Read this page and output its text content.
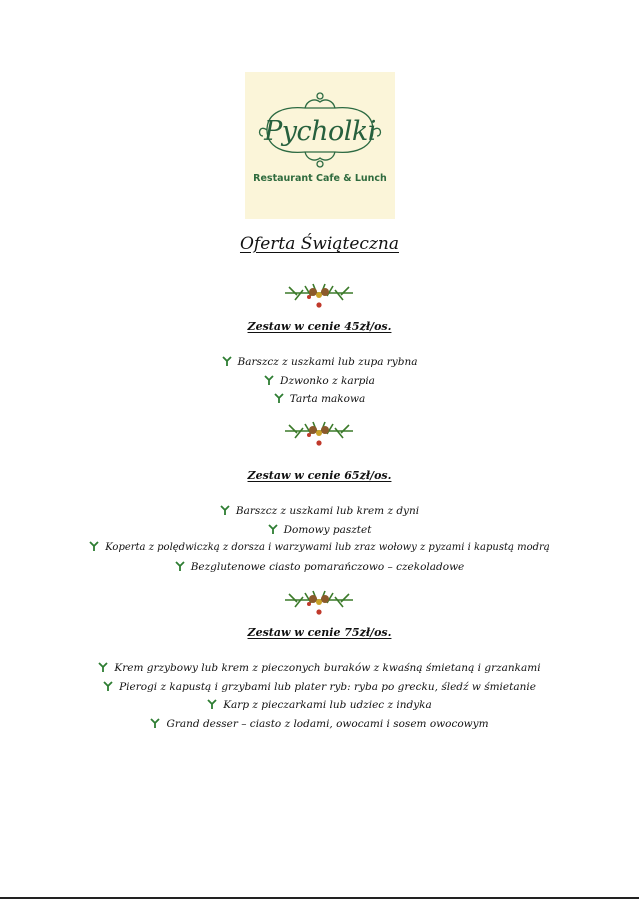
Pycholki
Restaurant Cafe & Lunch
Oferta Świąteczna
Zestaw w cenie 45zł/os.
Barszcz z uszkami lub zupa rybna
Dzwonko z karpia
Tarta makowa
Zestaw w cenie 65zł/os.
Barszcz z uszkami lub krem z dyni
Domowy pasztet
Koperta z polędwiczką z dorsza i warzywami lub zraz wołowy z pyzami i kapustą modrą
Bezglutenowe ciasto pomarańczowo – czekoladowe
Zestaw w cenie 75zł/os.
Krem grzybowy lub krem z pieczonych buraków z kwaśną śmietaną i grzankami
Pierogi z kapustą i grzybami lub plater ryb: ryba po grecku, śledź w śmietanie
Karp z pieczarkami lub udziec z indyka
Grand desser – ciasto z lodami, owocami i sosem owocowym
